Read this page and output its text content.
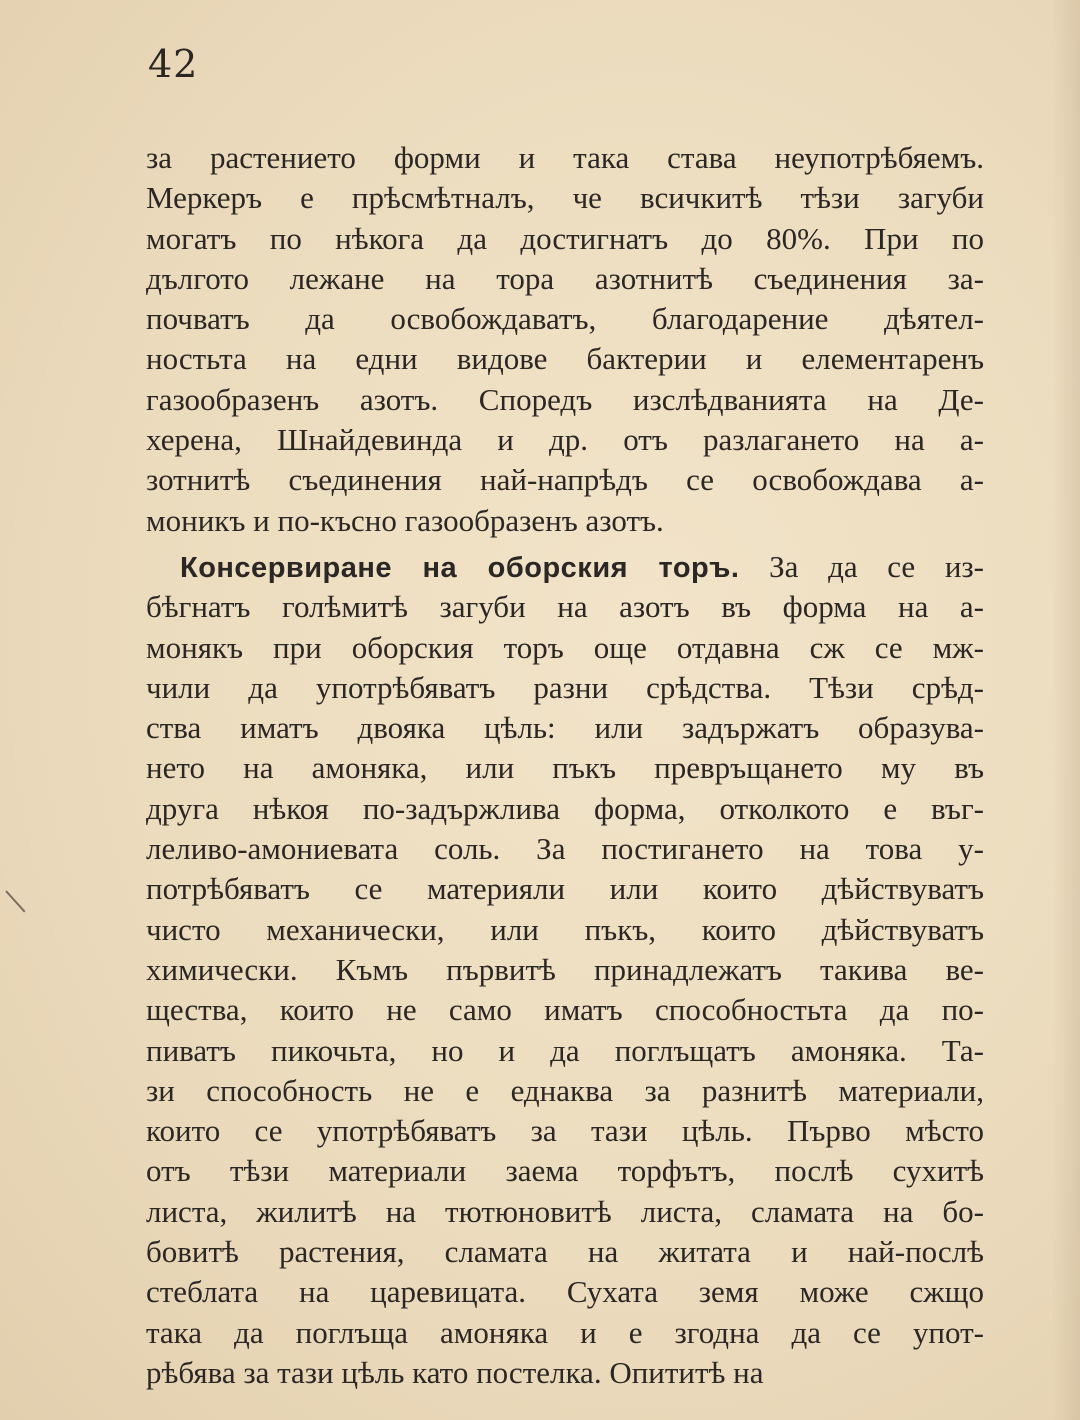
42
за растението форми и така става неупотрѣбяемъ.
Меркеръ е прѣсмѣтналъ, че всичкитѣ тѣзи загуби
могатъ по нѣкога да достигнатъ до 80%. При по
дългото лежане на тора азотнитѣ съединения за-
почватъ да освобождаватъ, благодарение дѣятел-
ностьта на едни видове бактерии и елементаренъ
газообразенъ азотъ. Споредъ изслѣдванията на Де-
херена, Шнайдевинда и др. отъ разлагането на а-
зотнитѣ съединения най-напрѣдъ се освобождава а-
моникъ и по-късно газообразенъ азотъ.
Консервиране на оборския торъ. За да се из-
бѣгнатъ голѣмитѣ загуби на азотъ въ форма на а-
монякъ при оборския торъ още отдавна сж се мж-
чили да употрѣбяватъ разни срѣдства. Тѣзи срѣд-
ства иматъ двояка цѣль: или задържатъ образува-
нето на амоняка, или пъкъ превръщането му въ
друга нѣкоя по-задържлива форма, отколкото е въг-
леливо-амониевата соль. За постигането на това у-
потрѣбяватъ се материяли или които дѣйствуватъ
чисто механически, или пъкъ, които дѣйствуватъ
химически. Къмъ първитѣ принадлежатъ такива ве-
щества, които не само иматъ способностьта да по-
пиватъ пикочьта, но и да поглъщатъ амоняка. Та-
зи способность не е еднаква за разнитѣ материали,
които се употрѣбяватъ за тази цѣль. Първо мѣсто
отъ тѣзи материали заема торфътъ, послѣ сухитѣ
листа, жилитѣ на тютюновитѣ листа, сламата на бо-
бовитѣ растения, сламата на житата и най-послѣ
стеблата на царевицата. Сухата земя може сжщо
така да поглъща амоняка и е згодна да се упот-
рѣбява за тази цѣль като постелка. Опититѣ на
